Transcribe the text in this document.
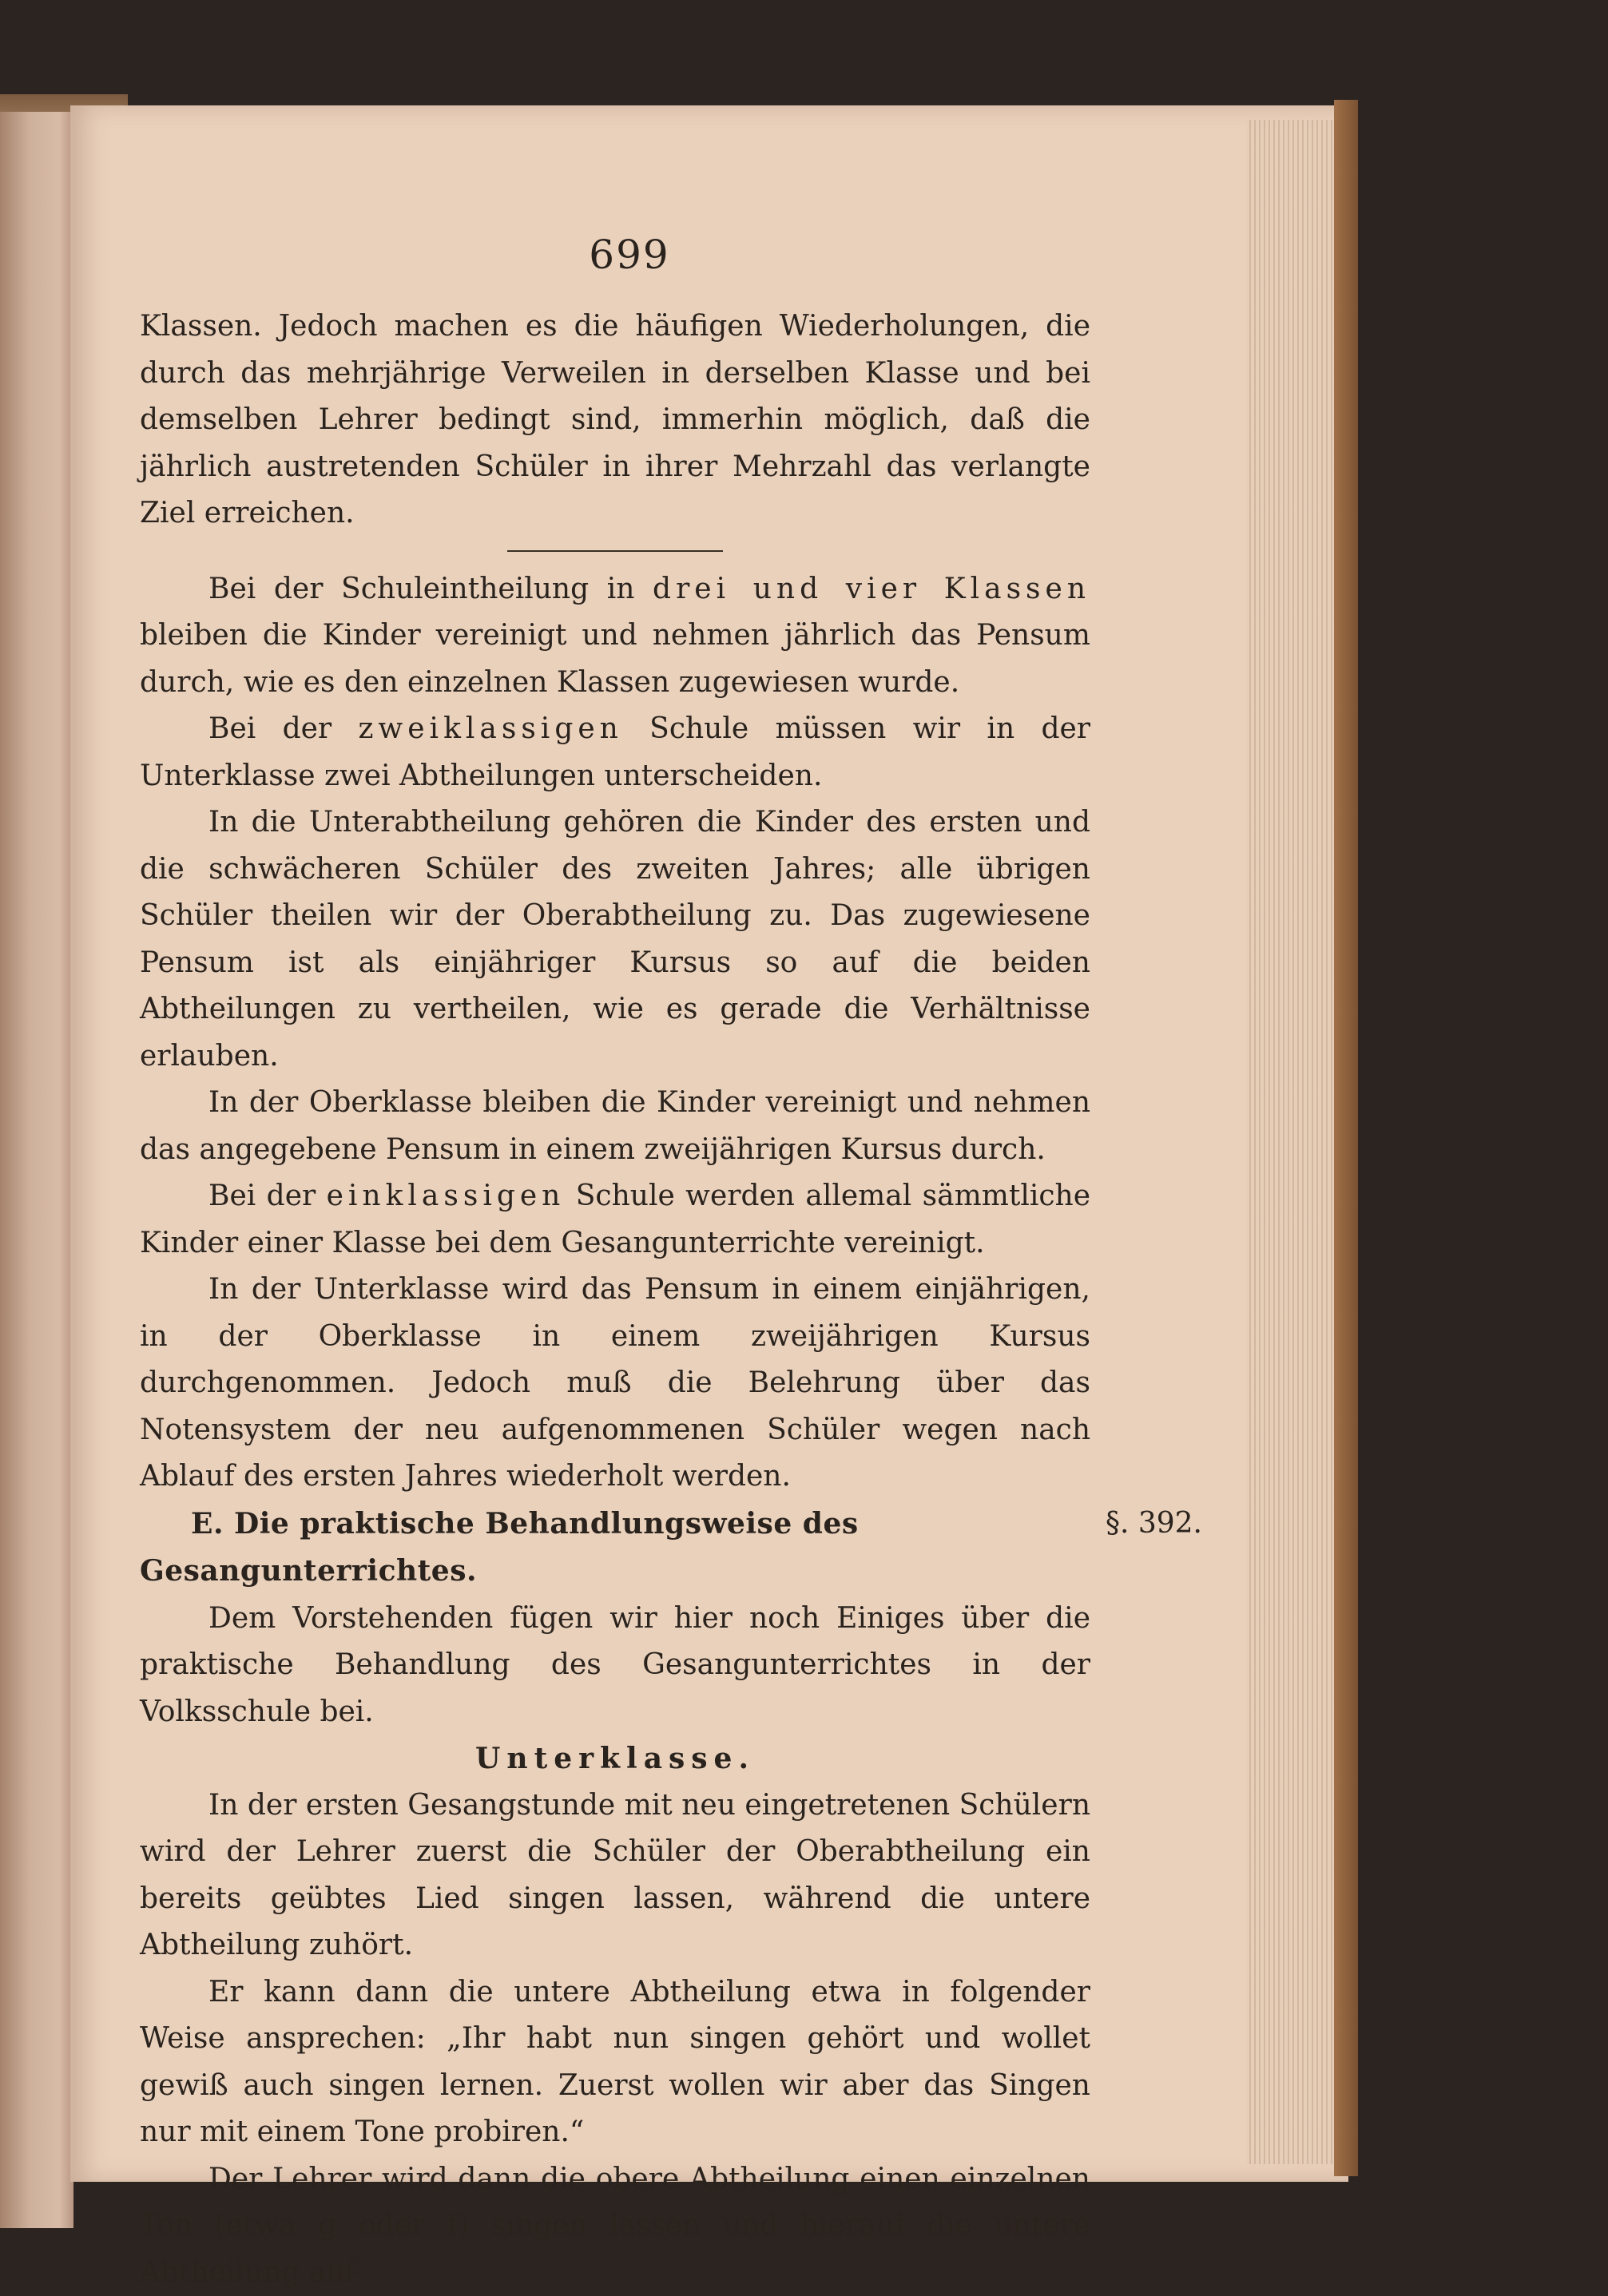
699

Klassen. Jedoch machen es die häufigen Wiederholungen, die durch das mehrjährige Verweilen in derselben Klasse und bei demselben Lehrer bedingt sind, immerhin möglich, daß die jährlich austretenden Schüler in ihrer Mehrzahl das verlangte Ziel erreichen.

Bei der Schuleintheilung in drei und vier Klassen bleiben die Kinder vereinigt und nehmen jährlich das Pensum durch, wie es den einzelnen Klassen zugewiesen wurde.

Bei der zweiklassigen Schule müssen wir in der Unterklasse zwei Abtheilungen unterscheiden.

In die Unterabtheilung gehören die Kinder des ersten und die schwächeren Schüler des zweiten Jahres; alle übrigen Schüler theilen wir der Oberabtheilung zu. Das zugewiesene Pensum ist als einjähriger Kursus so auf die beiden Abtheilungen zu vertheilen, wie es gerade die Verhältnisse erlauben.

In der Oberklasse bleiben die Kinder vereinigt und nehmen das angegebene Pensum in einem zweijährigen Kursus durch.

Bei der einklassigen Schule werden allemal sämmtliche Kinder einer Klasse bei dem Gesangunterrichte vereinigt.

In der Unterklasse wird das Pensum in einem einjährigen, in der Oberklasse in einem zweijährigen Kursus durchgenommen. Jedoch muß die Belehrung über das Notensystem der neu aufgenommenen Schüler wegen nach Ablauf des ersten Jahres wiederholt werden.

E. Die praktische Behandlungsweise des Gesangunterrichtes.
§. 392.

Dem Vorstehenden fügen wir hier noch Einiges über die praktische Behandlung des Gesangunterrichtes in der Volksschule bei.

Unterklasse.

In der ersten Gesangstunde mit neu eingetretenen Schülern wird der Lehrer zuerst die Schüler der Oberabtheilung ein bereits geübtes Lied singen lassen, während die untere Abtheilung zuhört.

Er kann dann die untere Abtheilung etwa in folgender Weise ansprechen: „Ihr habt nun singen gehört und wollet gewiß auch singen lernen. Zuerst wollen wir aber das Singen nur mit einem Tone probiren.“

Der Lehrer wird dann die obere Abtheilung einen einzelnen Ton (etwa g oder f) singen lassen und hierauf die untere Abtheilung auf-
